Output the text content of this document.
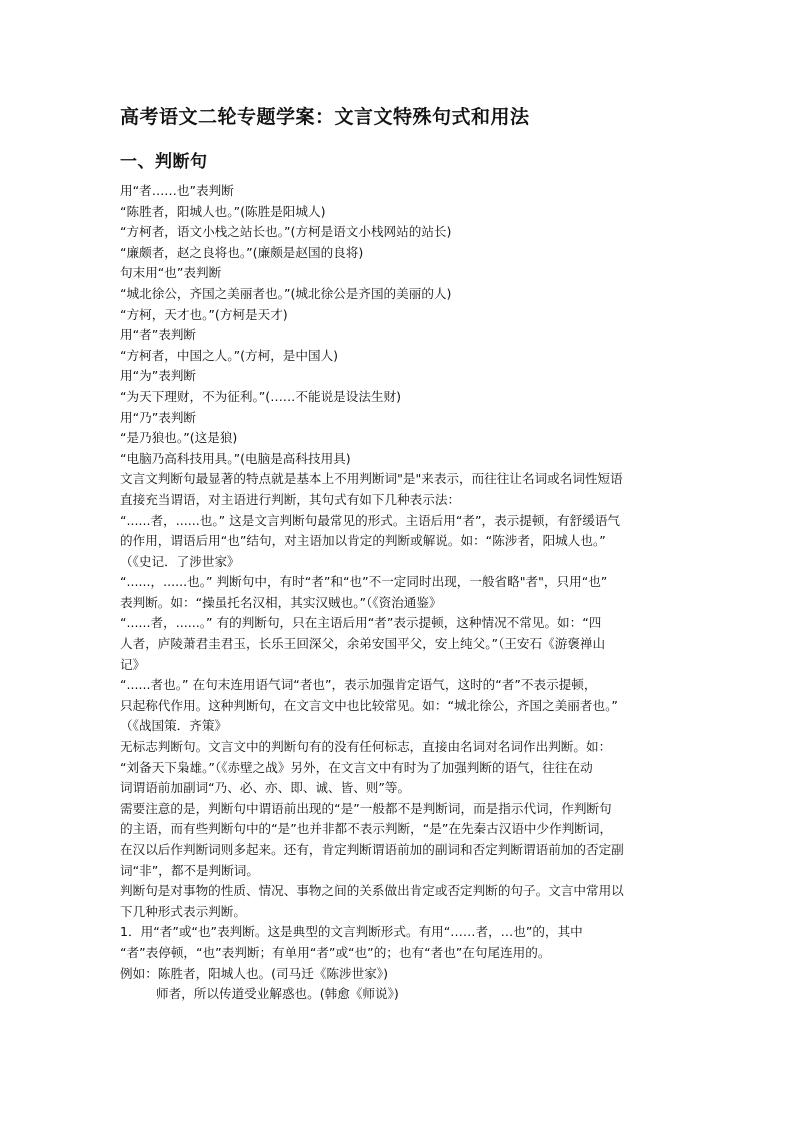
高考语文二轮专题学案：文言文特殊句式和用法
一、判断句

用“者……也”表判断

“陈胜者，阳城人也。”(陈胜是阳城人)

“方柯者，语文小栈之站长也。”(方柯是语文小栈网站的站长)

“廉颇者，赵之良将也。”(廉颇是赵国的良将)

句末用“也”表判断

“城北徐公，齐国之美丽者也。”(城北徐公是齐国的美丽的人)

“方柯，天才也。”(方柯是天才)

用“者”表判断

“方柯者，中国之人。”(方柯，是中国人)

用“为”表判断

“为天下理财，不为征利。”(……不能说是设法生财)

用“乃”表判断

“是乃狼也。”(这是狼)

“电脑乃高科技用具。”(电脑是高科技用具)

文言文判断句最显著的特点就是基本上不用判断词"是"来表示，而往往让名词或名词性短语

直接充当谓语，对主语进行判断，其句式有如下几种表示法：

“......者，......也。” 这是文言判断句最常见的形式。主语后用“者”，表示提顿，有舒缓语气

的作用，谓语后用“也”结句，对主语加以肯定的判断或解说。如：“陈涉者，阳城人也。”

（《史记．了涉世家》

“......，......也。” 判断句中，有时“者”和“也”不一定同时出现，一般省略"者"，只用“也”

表判断。如：“操虽托名汉相，其实汉贼也。”（《资治通鉴》

“......者，......。” 有的判断句，只在主语后用“者”表示提顿，这种情况不常见。如：“四

人者，庐陵萧君圭君玉，长乐王回深父，余弟安国平父，安上纯父。”（王安石《游褒禅山

记》

“......者也。” 在句末连用语气词“者也”，表示加强肯定语气，这时的“者”不表示提顿，

只起称代作用。这种判断句，在文言文中也比较常见。如：“城北徐公，齐国之美丽者也。”

（《战国策．齐策》

无标志判断句。文言文中的判断句有的没有任何标志，直接由名词对名词作出判断。如：

“刘备天下枭雄。”（《赤壁之战》另外，在文言文中有时为了加强判断的语气，往往在动

词谓语前加副词“乃、必、亦、即、诚、皆、则”等。

需要注意的是，判断句中谓语前出现的“是”一般都不是判断词，而是指示代词，作判断句

的主语，而有些判断句中的“是”也并非都不表示判断，“是”在先秦古汉语中少作判断词，

在汉以后作判断词则多起来。还有，肯定判断谓语前加的副词和否定判断谓语前加的否定副

词“非”，都不是判断词。

判断句是对事物的性质、情况、事物之间的关系做出肯定或否定判断的句子。文言中常用以

下几种形式表示判断。

1．用“者”或“也”表判断。这是典型的文言判断形式。有用“……者，…也”的，其中

“者”表停顿，“也”表判断；有单用“者”或“也”的；也有“者也”在句尾连用的。

例如：陈胜者，阳城人也。(司马迁《陈涉世家》)

师者，所以传道受业解惑也。(韩愈《师说》)
